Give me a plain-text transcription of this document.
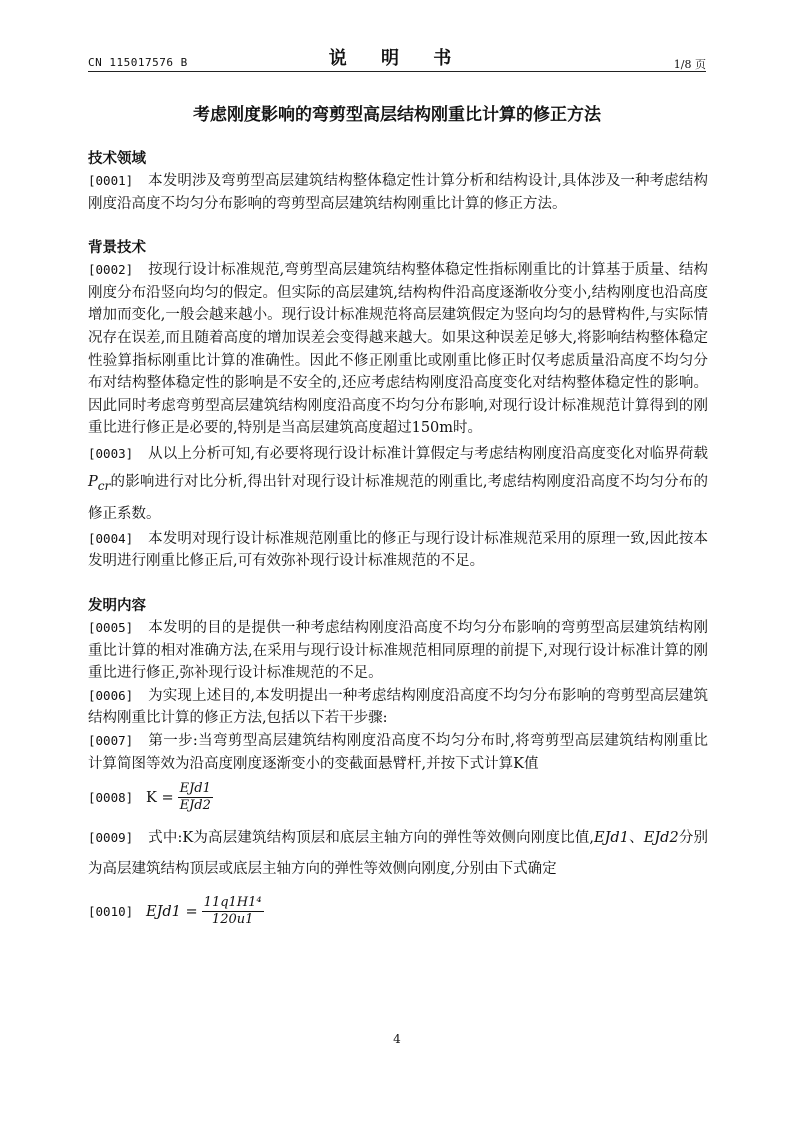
CN 115017576 B	说 明 书	1/8 页
考虑刚度影响的弯剪型高层结构刚重比计算的修正方法

技术领域

[0001] 本发明涉及弯剪型高层建筑结构整体稳定性计算分析和结构设计,具体涉及一种考虑结构刚度沿高度不均匀分布影响的弯剪型高层建筑结构刚重比计算的修正方法。

背景技术

[0002] 按现行设计标准规范,弯剪型高层建筑结构整体稳定性指标刚重比的计算基于质量、结构刚度分布沿竖向均匀的假定。但实际的高层建筑,结构构件沿高度逐渐收分变小,结构刚度也沿高度增加而变化,一般会越来越小。现行设计标准规范将高层建筑假定为竖向均匀的悬臂构件,与实际情况存在误差,而且随着高度的增加误差会变得越来越大。如果这种误差足够大,将影响结构整体稳定性验算指标刚重比计算的准确性。因此不修正刚重比或刚重比修正时仅考虑质量沿高度不均匀分布对结构整体稳定性的影响是不安全的,还应考虑结构刚度沿高度变化对结构整体稳定性的影响。因此同时考虑弯剪型高层建筑结构刚度沿高度不均匀分布影响,对现行设计标准规范计算得到的刚重比进行修正是必要的,特别是当高层建筑高度超过150m时。

[0003] 从以上分析可知,有必要将现行设计标准计算假定与考虑结构刚度沿高度变化对临界荷载$P_{cr}$的影响进行对比分析,得出针对现行设计标准规范的刚重比,考虑结构刚度沿高度不均匀分布的修正系数。

[0004] 本发明对现行设计标准规范刚重比的修正与现行设计标准规范采用的原理一致,因此按本发明进行刚重比修正后,可有效弥补现行设计标准规范的不足。

发明内容

[0005] 本发明的目的是提供一种考虑结构刚度沿高度不均匀分布影响的弯剪型高层建筑结构刚重比计算的相对准确方法,在采用与现行设计标准规范相同原理的前提下,对现行设计标准计算的刚重比进行修正,弥补现行设计标准规范的不足。

[0006] 为实现上述目的,本发明提出一种考虑结构刚度沿高度不均匀分布影响的弯剪型高层建筑结构刚重比计算的修正方法,包括以下若干步骤:

[0007] 第一步:当弯剪型高层建筑结构刚度沿高度不均匀分布时,将弯剪型高层建筑结构刚重比计算简图等效为沿高度刚度逐渐变小的变截面悬臂杆,并按下式计算K值

[0008] $K = \frac{\text{EJd1}}{\text{EJd2}}$

[0009] 式中:K为高层建筑结构顶层和底层主轴方向的弹性等效侧向刚度比值,EJd1、EJd2分别为高层建筑结构顶层或底层主轴方向的弹性等效侧向刚度,分别由下式确定

[0010] $EJd1 = \frac{\text{11q1H1⁴}}{120u1}$
4
